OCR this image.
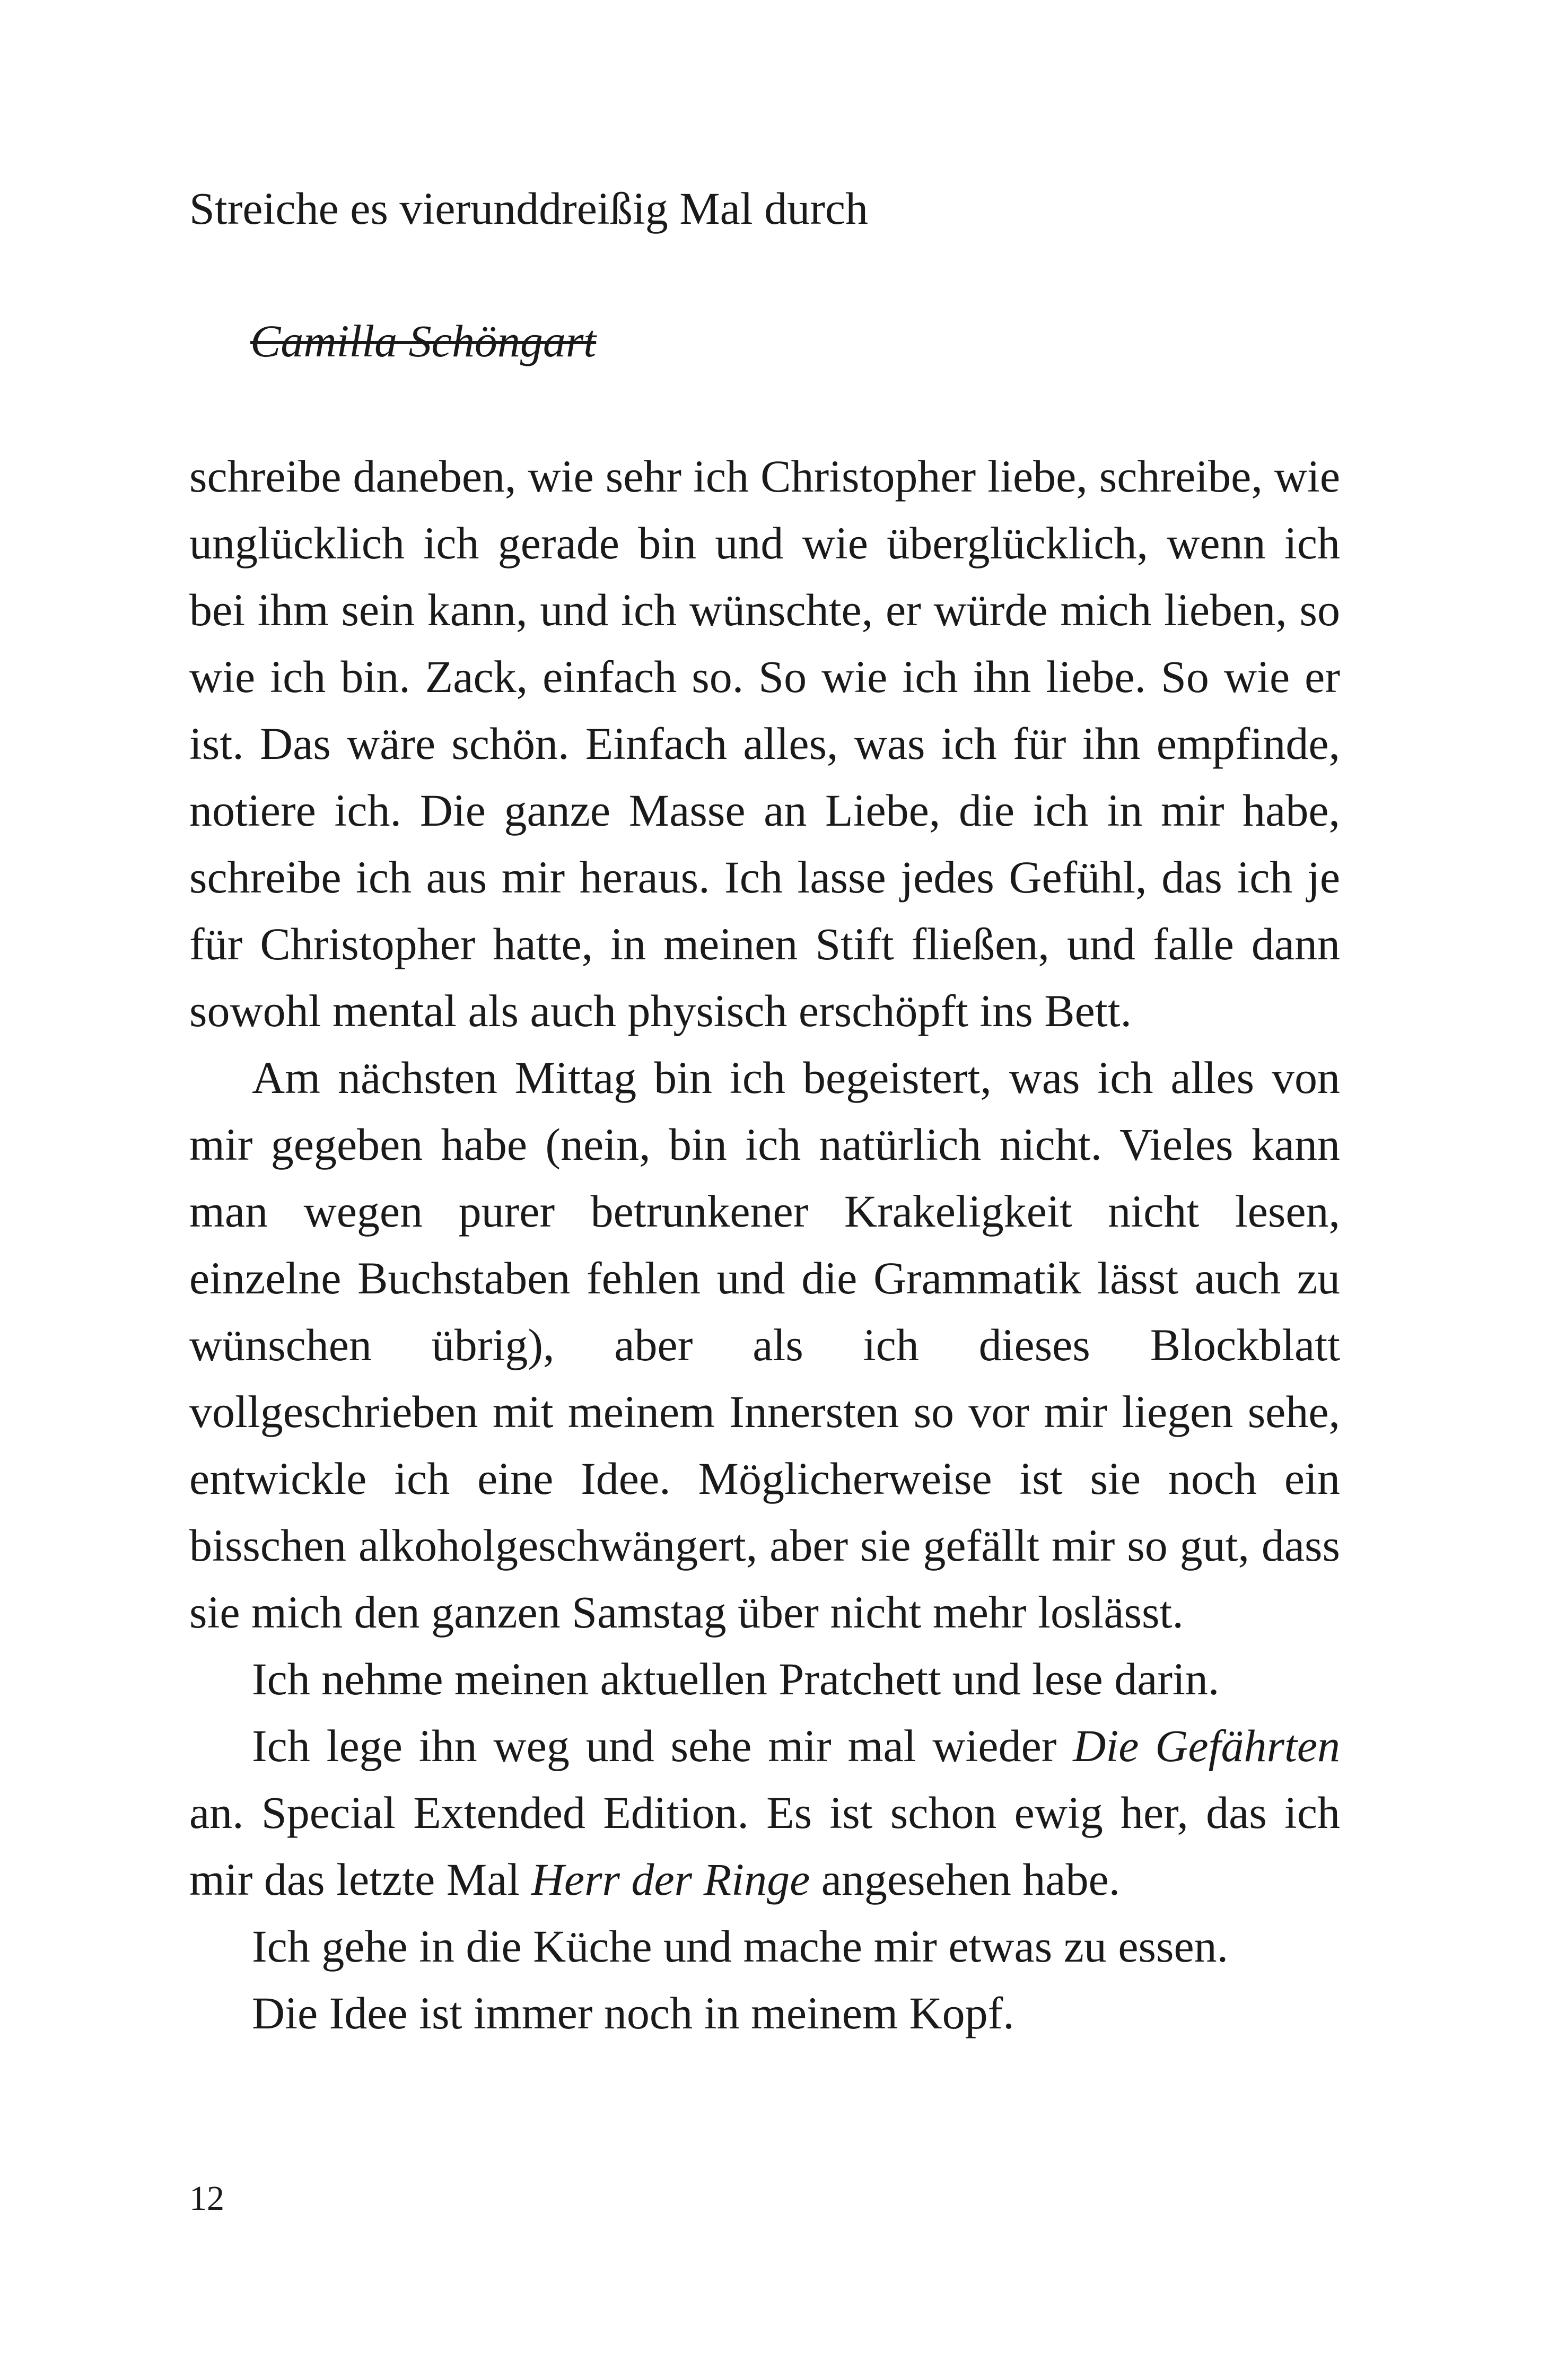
Streiche es vierunddreißig Mal durch

Camilla Schöngart

schreibe daneben, wie sehr ich Christopher liebe, schreibe, wie unglücklich ich gerade bin und wie überglücklich, wenn ich bei ihm sein kann, und ich wünschte, er würde mich lieben, so wie ich bin. Zack, einfach so. So wie ich ihn liebe. So wie er ist. Das wäre schön. Einfach alles, was ich für ihn empfinde, notiere ich. Die ganze Masse an Liebe, die ich in mir habe, schreibe ich aus mir heraus. Ich lasse jedes Gefühl, das ich je für Christopher hatte, in meinen Stift fließen, und falle dann sowohl mental als auch physisch erschöpft ins Bett.

Am nächsten Mittag bin ich begeistert, was ich alles von mir gegeben habe (nein, bin ich natürlich nicht. Vieles kann man wegen purer betrunkener Krakeligkeit nicht lesen, einzelne Buchstaben fehlen und die Grammatik lässt auch zu wünschen übrig), aber als ich dieses Blockblatt vollgeschrieben mit meinem Innersten so vor mir liegen sehe, entwickle ich eine Idee. Möglicherweise ist sie noch ein bisschen alkoholgeschwängert, aber sie gefällt mir so gut, dass sie mich den ganzen Samstag über nicht mehr loslässt.

Ich nehme meinen aktuellen Pratchett und lese darin.

Ich lege ihn weg und sehe mir mal wieder Die Gefährten an. Special Extended Edition. Es ist schon ewig her, das ich mir das letzte Mal Herr der Ringe angesehen habe.

Ich gehe in die Küche und mache mir etwas zu essen.

Die Idee ist immer noch in meinem Kopf.

12
